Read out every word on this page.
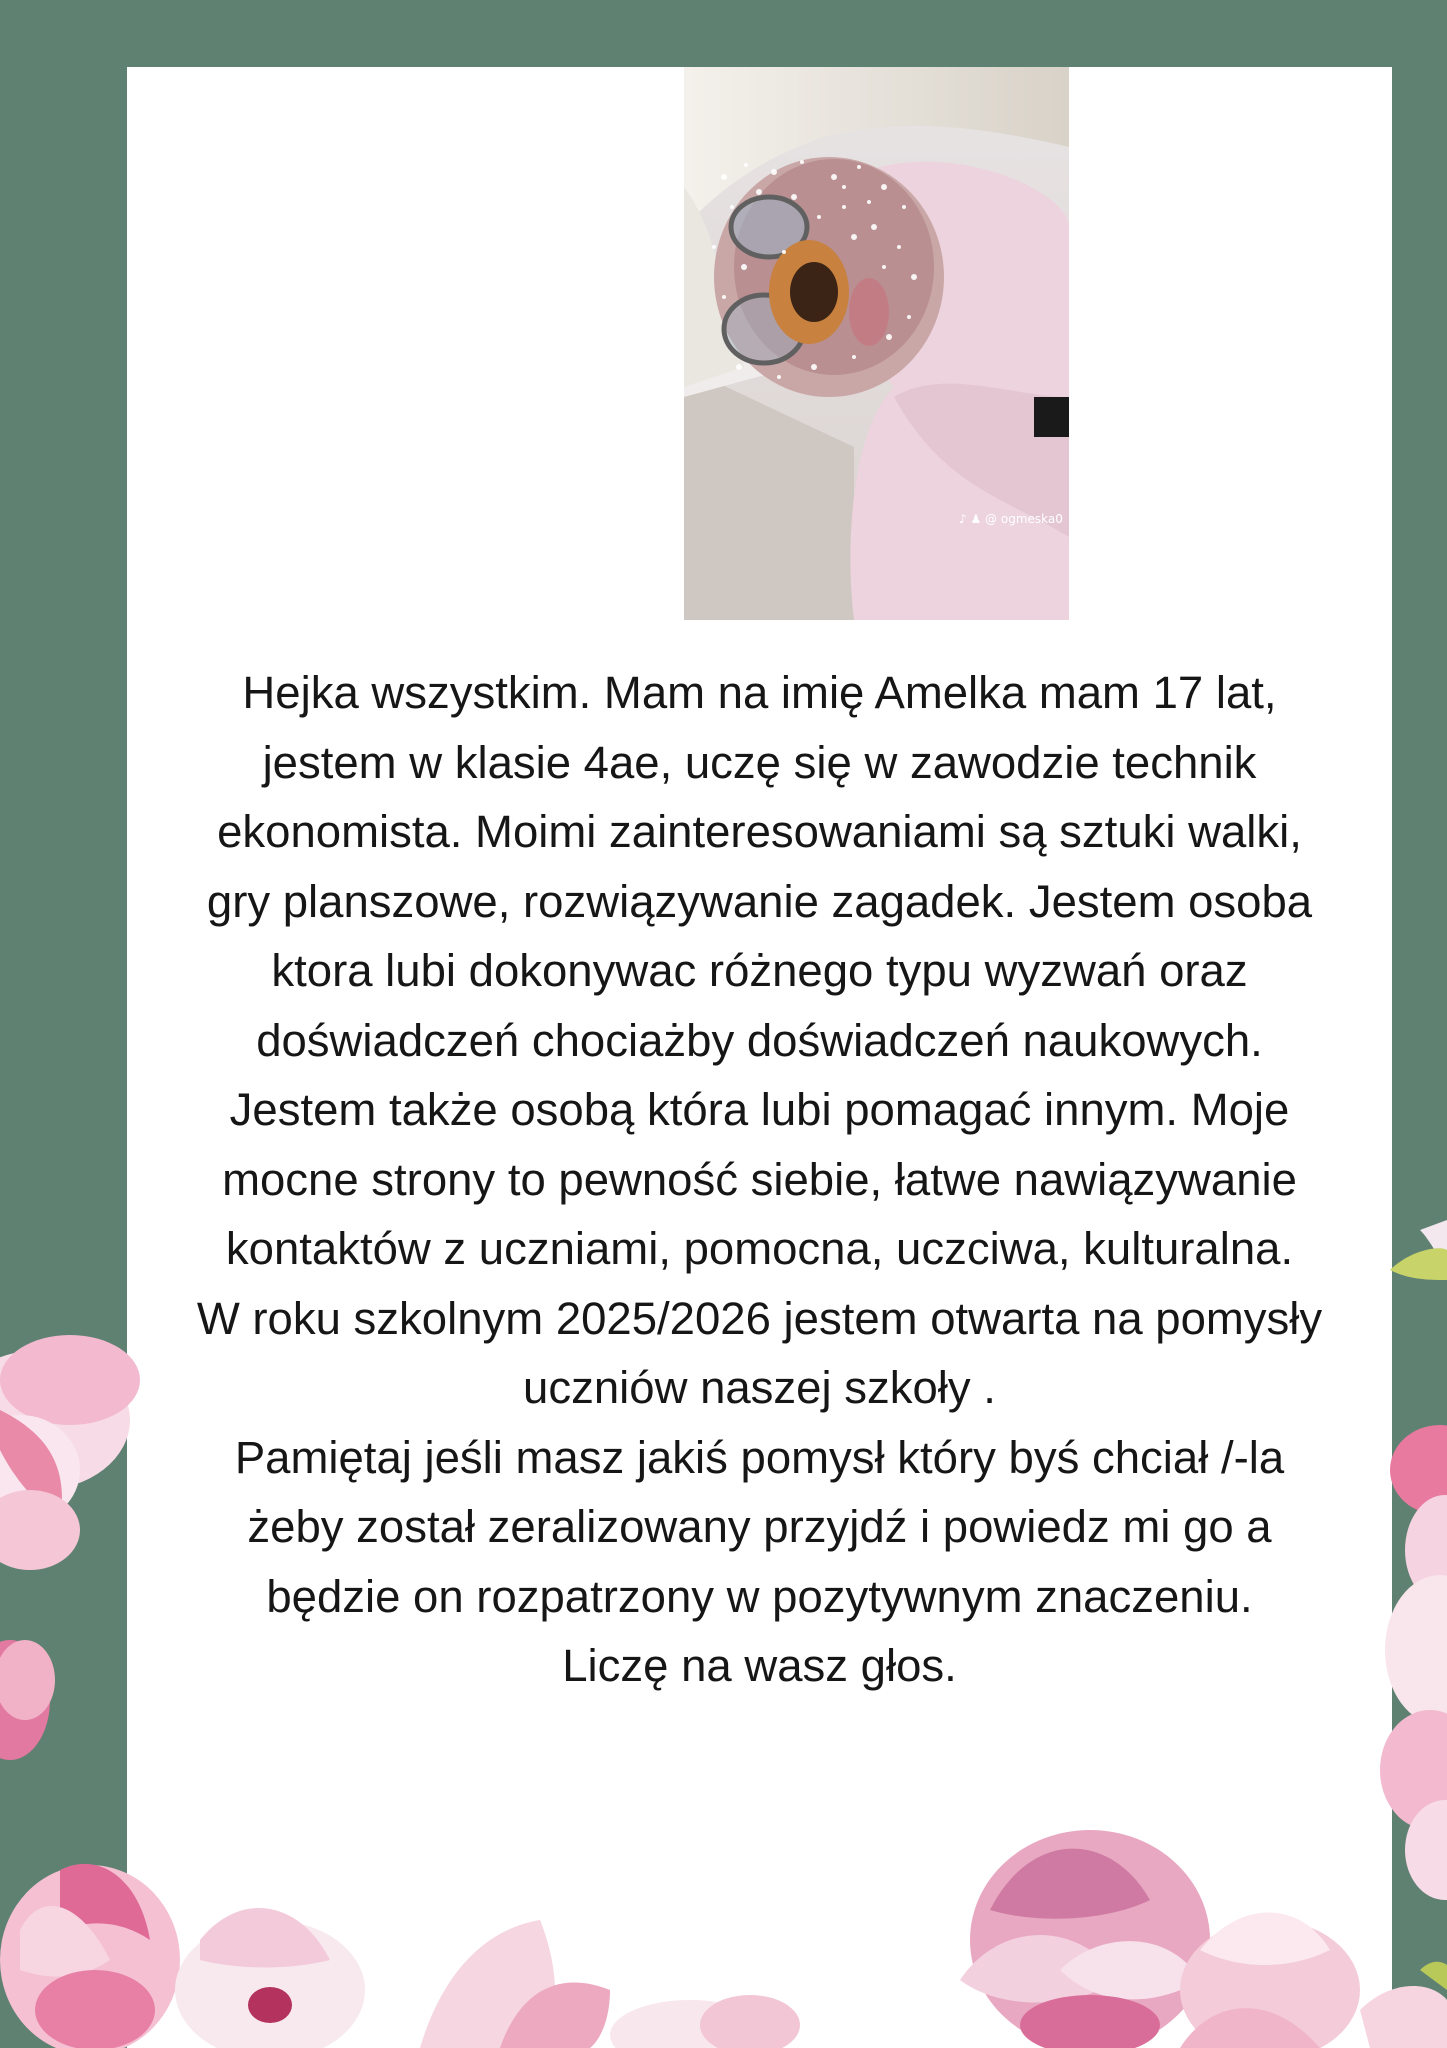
♪ ♟ @ ogmeska0

Hejka wszystkim. Mam na imię Amelka mam 17 lat,

jestem w klasie 4ae, uczę się w zawodzie technik

ekonomista. Moimi zainteresowaniami są sztuki walki,

gry planszowe, rozwiązywanie zagadek. Jestem osoba

ktora lubi dokonywac różnego typu wyzwań oraz

doświadczeń chociażby doświadczeń naukowych.

Jestem także osobą która lubi pomagać innym. Moje

mocne strony to pewność siebie, łatwe nawiązywanie

kontaktów z uczniami, pomocna, uczciwa, kulturalna.

W roku szkolnym 2025/2026 jestem otwarta na pomysły

uczniów naszej szkoły .

Pamiętaj jeśli masz jakiś pomysł który byś chciał /-la

żeby został zeralizowany przyjdź i powiedz mi go a

będzie on rozpatrzony w pozytywnym znaczeniu.

Liczę na wasz głos.
